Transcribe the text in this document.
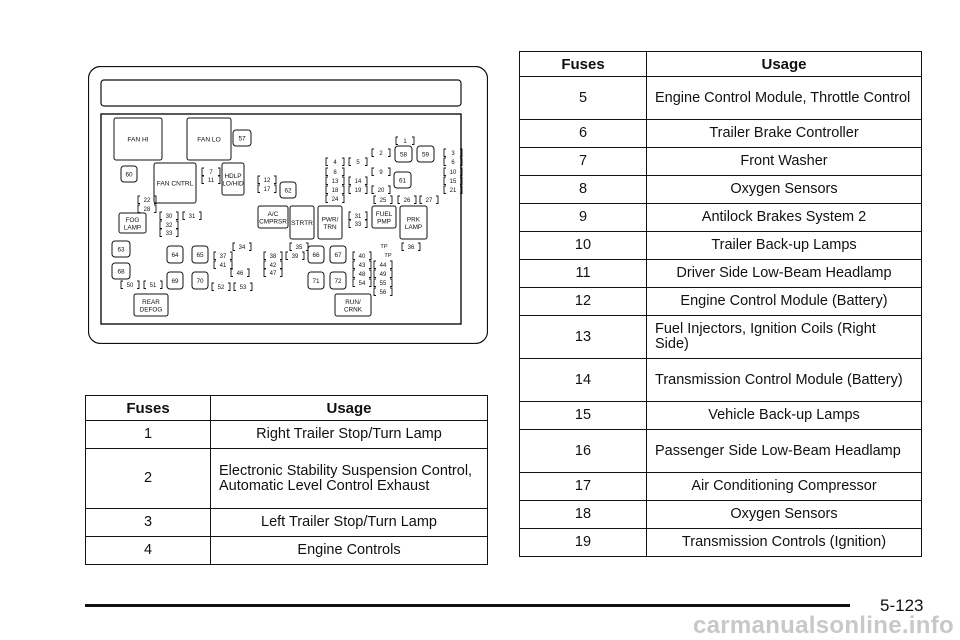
FAN HI	FAN LO
FAN CNTRL
HDLP
LO/HID
A/C
CMPRSR STRTR PWR/
TRN
FUEL
PMP	PRK
LAMP
FOG
LAMP
REAR
DEFOG
RUN/
CRNK
57
60
62
63
68
58 59
61
64	65	66 67
69	70	71 72
1
2	3
4	5	6
7	8	9	10
11	12	13	14	15
17	18	19	20	21
22	24	25	26	27
28
30	31
32	33
34	35	36
37	38	39	40
41	42	43 44
46	47	48 49
50	51	52	53
54 55
56
31
33
TP
TP
Fuses	Usage
1	Right Trailer Stop/Turn Lamp
2	Electronic Stability Suspension Control, Automatic Level Control Exhaust
3	Left Trailer Stop/Turn Lamp
4	Engine Controls
Fuses	Usage
5	Engine Control Module, Throttle Control
6	Trailer Brake Controller
7	Front Washer
8	Oxygen Sensors
9	Antilock Brakes System 2
10	Trailer Back-up Lamps
11	Driver Side Low-Beam Headlamp
12	Engine Control Module (Battery)
13	Fuel Injectors, Ignition Coils (Right Side)
14	Transmission Control Module (Battery)
15	Vehicle Back-up Lamps
16	Passenger Side Low-Beam Headlamp
17	Air Conditioning Compressor
18	Oxygen Sensors
19	Transmission Controls (Ignition)
5-123
carmanualsonline.info
